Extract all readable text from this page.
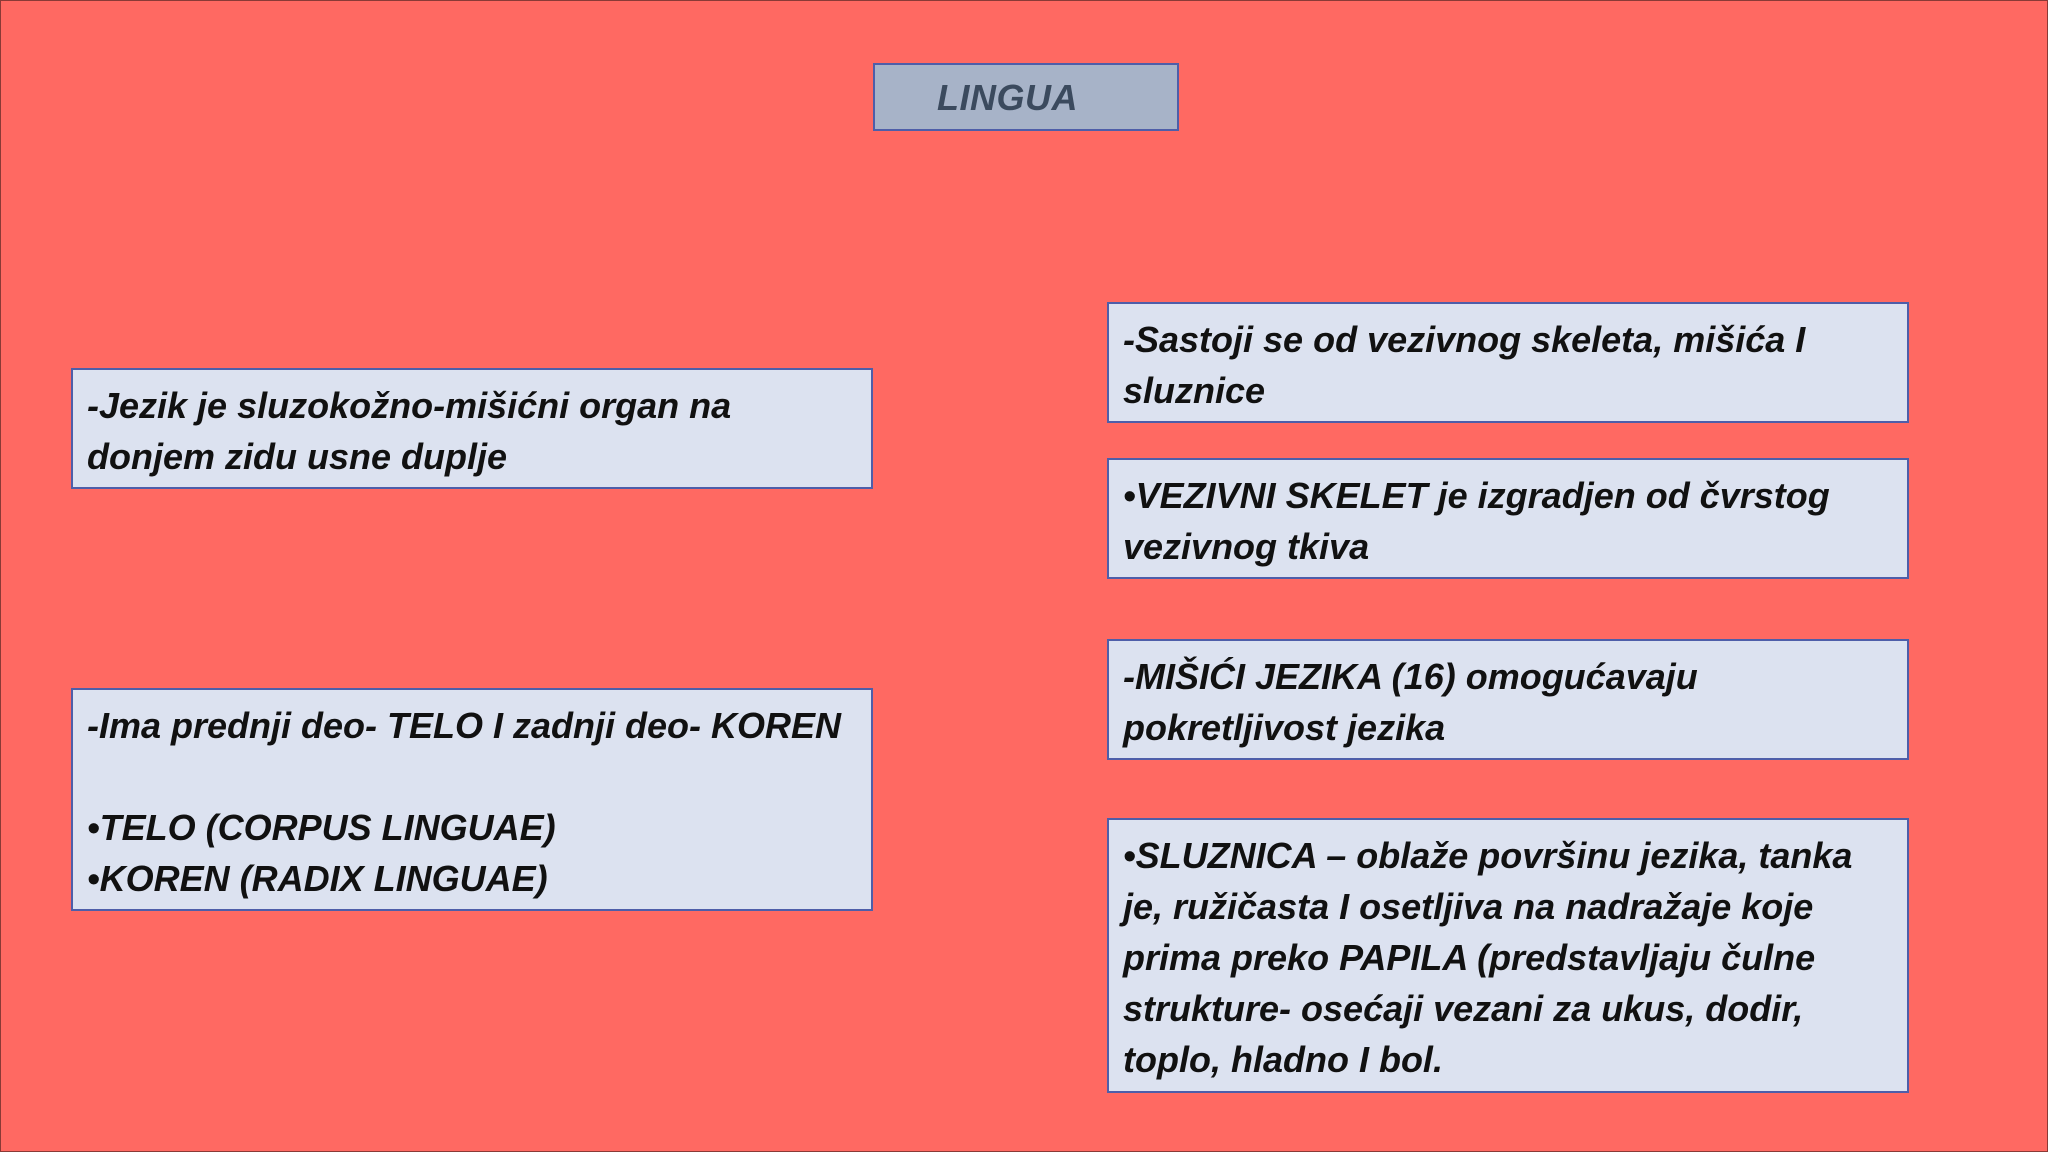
LINGUA
-Jezik je sluzokožno-mišićni organ na
donjem zidu usne duplje
-Ima prednji deo- TELO I zadnji deo- KOREN

•TELO (CORPUS LINGUAE)
•KOREN (RADIX LINGUAE)
-Sastoji se od vezivnog skeleta, mišića I
sluznice
•VEZIVNI SKELET je izgradjen od čvrstog
vezivnog tkiva
-MIŠIĆI JEZIKA (16) omogućavaju
pokretljivost jezika
•SLUZNICA – oblaže površinu jezika, tanka
je, ružičasta I osetljiva na nadražaje koje
prima preko PAPILA (predstavljaju čulne
strukture- osećaji vezani za ukus, dodir,
toplo, hladno I bol.
